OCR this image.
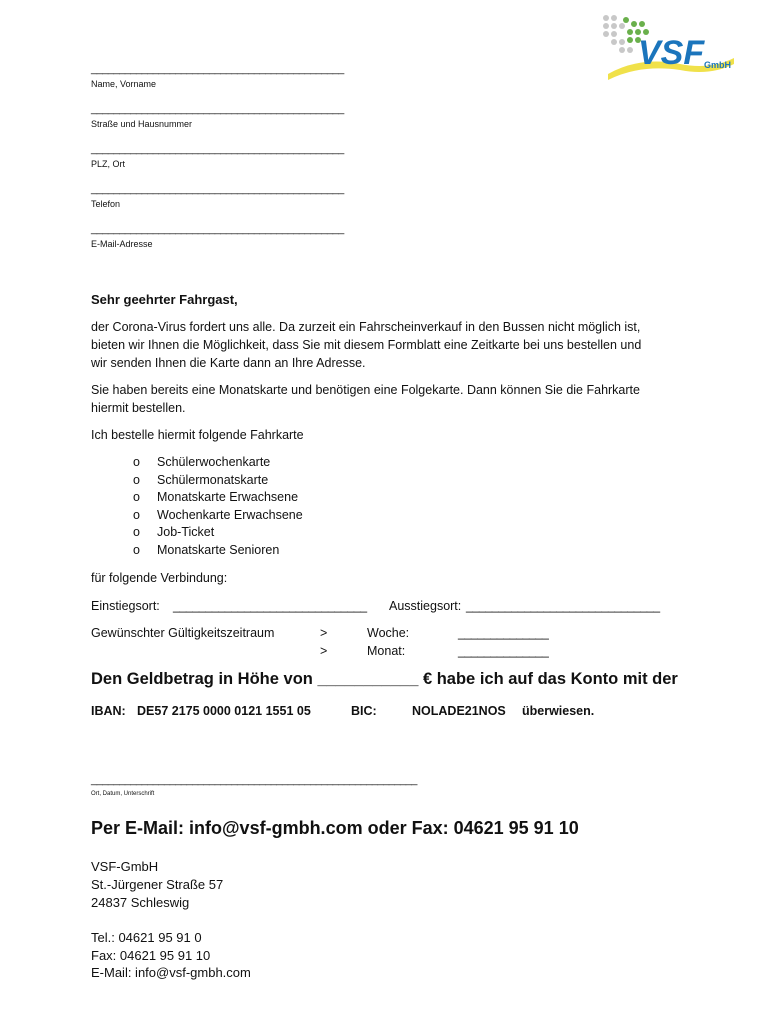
VSF GmbH
_____________________________________________
Name, Vorname
_____________________________________________
Straße und Hausnummer
_____________________________________________
PLZ, Ort
_____________________________________________
Telefon
_____________________________________________
E-Mail-Adresse
Sehr geehrter Fahrgast,
der Corona-Virus fordert uns alle. Da zurzeit ein Fahrscheinverkauf in den Bussen nicht möglich ist,
bieten wir Ihnen die Möglichkeit, dass Sie mit diesem Formblatt eine Zeitkarte bei uns bestellen und
wir senden Ihnen die Karte dann an Ihre Adresse.
Sie haben bereits eine Monatskarte und benötigen eine Folgekarte. Dann können Sie die Fahrkarte
hiermit bestellen.
Ich bestelle hiermit folgende Fahrkarte
o	Schülerwochenkarte
o	Schülermonatskarte
o	Monatskarte Erwachsene
o	Wochenkarte Erwachsene
o	Job-Ticket
o	Monatskarte Senioren
für folgende Verbindung:
Einstiegsort: ______________________________ Ausstiegsort: ______________________________
Gewünschter Gültigkeitszeitraum	>	Woche:	______________
>	Monat:	______________
Den Geldbetrag in Höhe von ___________ € habe ich auf das Konto mit der
IBAN: DE57 2175 0000 0121 1551 05	BIC:	NOLADE21NOS überwiesen.
__________________________________________________________
Ort, Datum, Unterschrift
Per E-Mail: info@vsf-gmbh.com oder Fax: 04621 95 91 10
VSF-GmbH
St.-Jürgener Straße 57
24837 Schleswig
Tel.: 04621 95 91 0
Fax: 04621 95 91 10
E-Mail: info@vsf-gmbh.com
